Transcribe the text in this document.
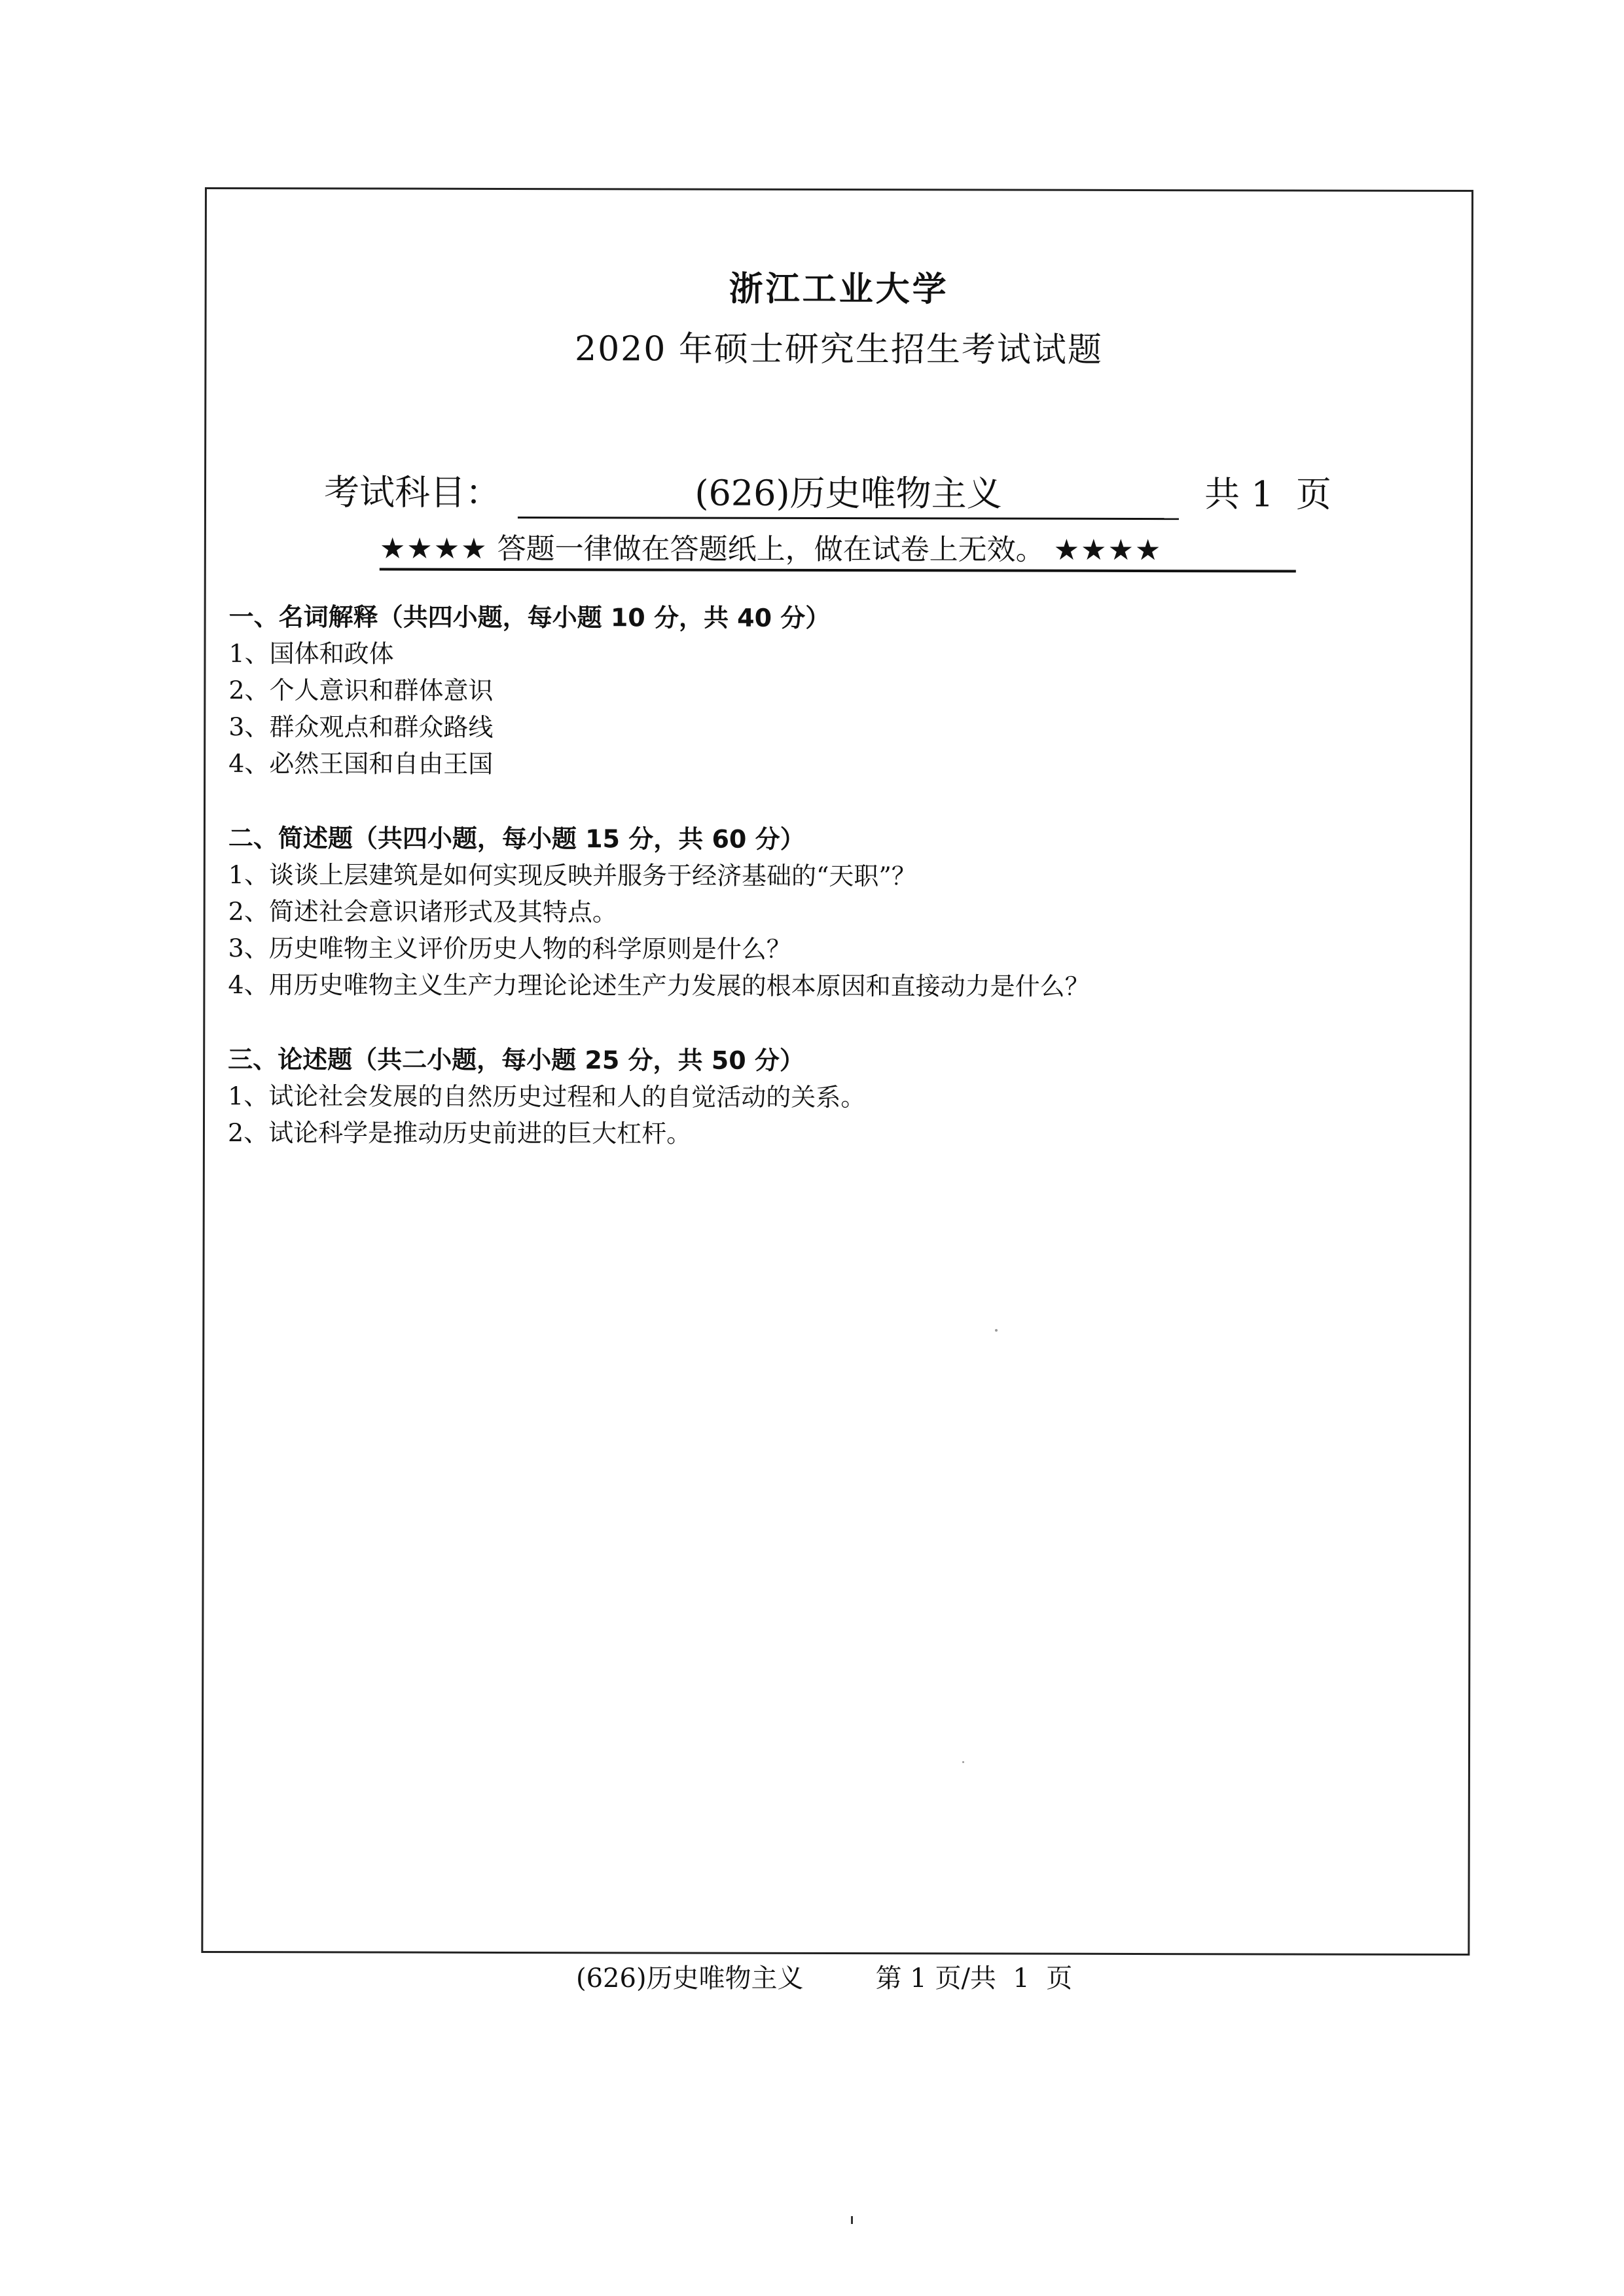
浙江工业大学
2020 年硕士研究生招生考试试题
考试科目：	(626)历史唯物主义	共 1  页
★★★★ 答题一律做在答题纸上，做在试卷上无效。 ★★★★
一、名词解释（共四小题，每小题 10 分，共 40 分）
1、国体和政体
2、个人意识和群体意识
3、群众观点和群众路线
4、必然王国和自由王国
二、简述题（共四小题，每小题 15 分，共 60 分）
1、谈谈上层建筑是如何实现反映并服务于经济基础的“天职”？
2、简述社会意识诸形式及其特点。
3、历史唯物主义评价历史人物的科学原则是什么？
4、用历史唯物主义生产力理论论述生产力发展的根本原因和直接动力是什么？
三、论述题（共二小题，每小题 25 分，共 50 分）
1、试论社会发展的自然历史过程和人的自觉活动的关系。
2、试论科学是推动历史前进的巨大杠杆。
(626)历史唯物主义	第 1 页/共  1  页
